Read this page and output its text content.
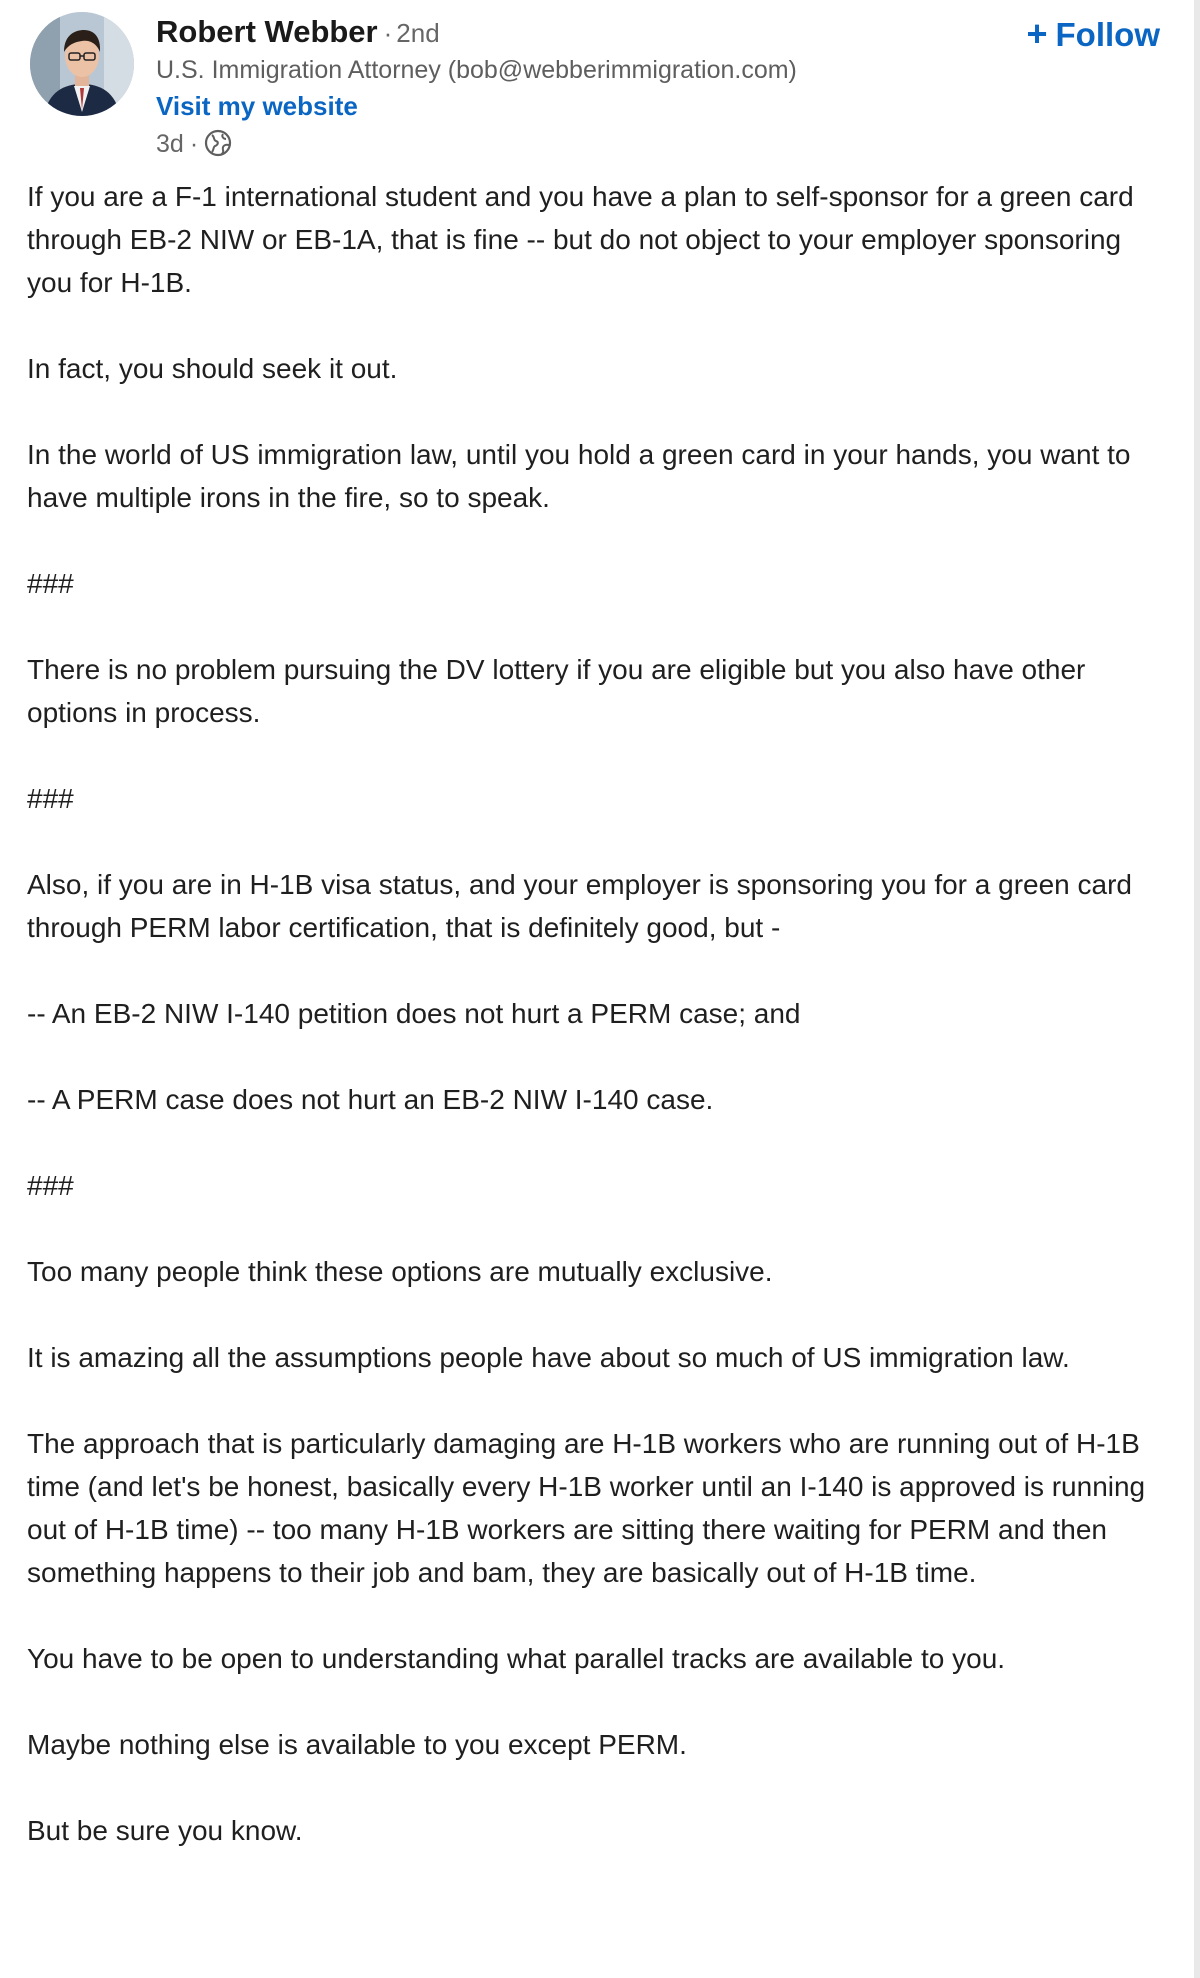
Robert Webber · 2nd
U.S. Immigration Attorney (bob@webberimmigration.com)
Visit my website
3d ·
+ Follow

If you are a F-1 international student and you have a plan to self-sponsor for a green card through EB-2 NIW or EB-1A, that is fine -- but do not object to your employer sponsoring you for H-1B.

In fact, you should seek it out.

In the world of US immigration law, until you hold a green card in your hands, you want to have multiple irons in the fire, so to speak.

###

There is no problem pursuing the DV lottery if you are eligible but you also have other options in process.

###

Also, if you are in H-1B visa status, and your employer is sponsoring you for a green card through PERM labor certification, that is definitely good, but -

-- An EB-2 NIW I-140 petition does not hurt a PERM case; and

-- A PERM case does not hurt an EB-2 NIW I-140 case.

###

Too many people think these options are mutually exclusive.

It is amazing all the assumptions people have about so much of US immigration law.

The approach that is particularly damaging are H-1B workers who are running out of H-1B time (and let's be honest, basically every H-1B worker until an I-140 is approved is running out of H-1B time) -- too many H-1B workers are sitting there waiting for PERM and then something happens to their job and bam, they are basically out of H-1B time.

You have to be open to understanding what parallel tracks are available to you.

Maybe nothing else is available to you except PERM.

But be sure you know.
